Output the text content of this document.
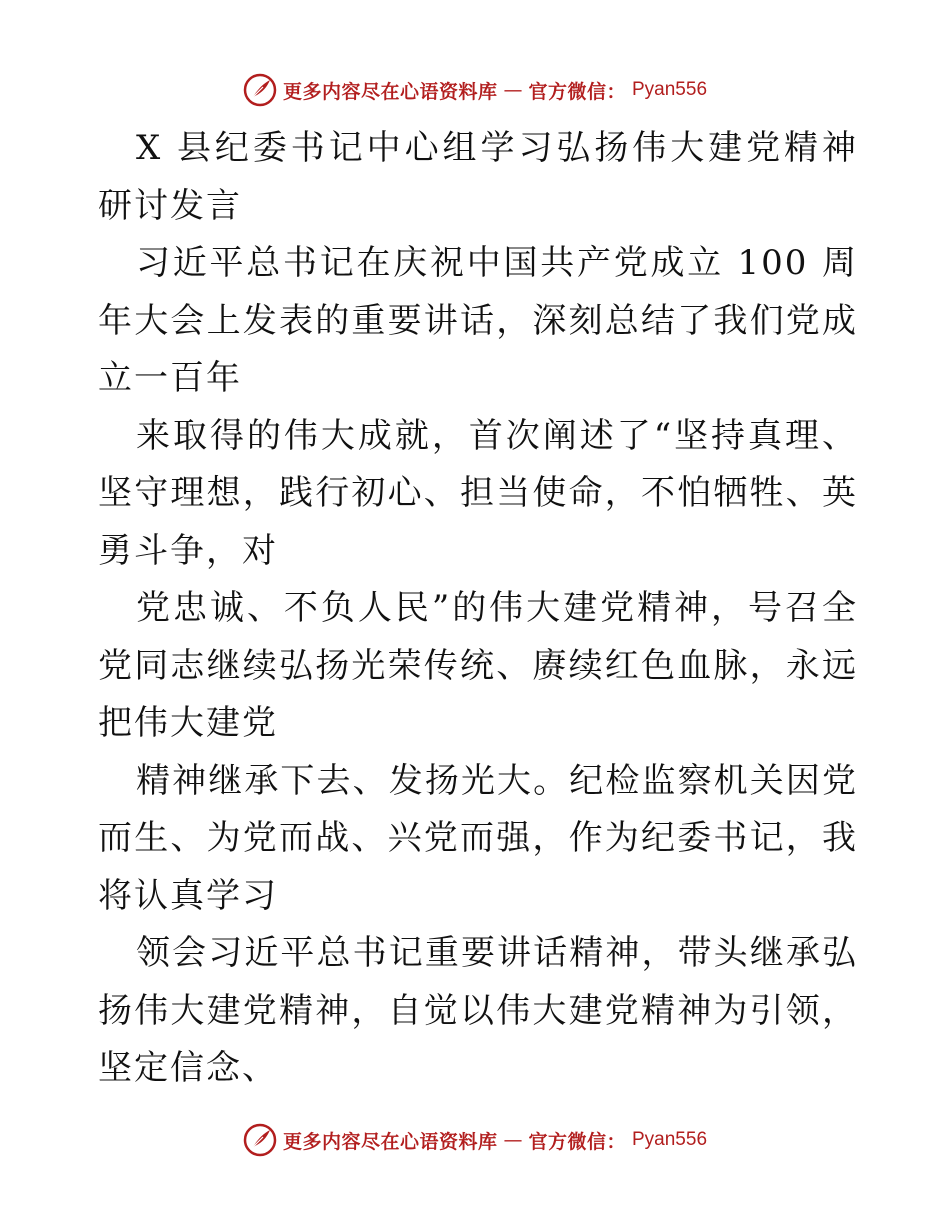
更多内容尽在心语资料库 — 官方微信： Pyan556

X 县纪委书记中心组学习弘扬伟大建党精神研讨发言

习近平总书记在庆祝中国共产党成立 100 周年大会上发表的重要讲话，深刻总结了我们党成立一百年

来取得的伟大成就，首次阐述了“坚持真理、坚守理想，践行初心、担当使命，不怕牺牲、英勇斗争，对

党忠诚、不负人民”的伟大建党精神，号召全党同志继续弘扬光荣传统、赓续红色血脉，永远把伟大建党

精神继承下去、发扬光大。纪检监察机关因党而生、为党而战、兴党而强，作为纪委书记，我将认真学习

领会习近平总书记重要讲话精神，带头继承弘扬伟大建党精神，自觉以伟大建党精神为引领，坚定信念、

更多内容尽在心语资料库 — 官方微信： Pyan556
